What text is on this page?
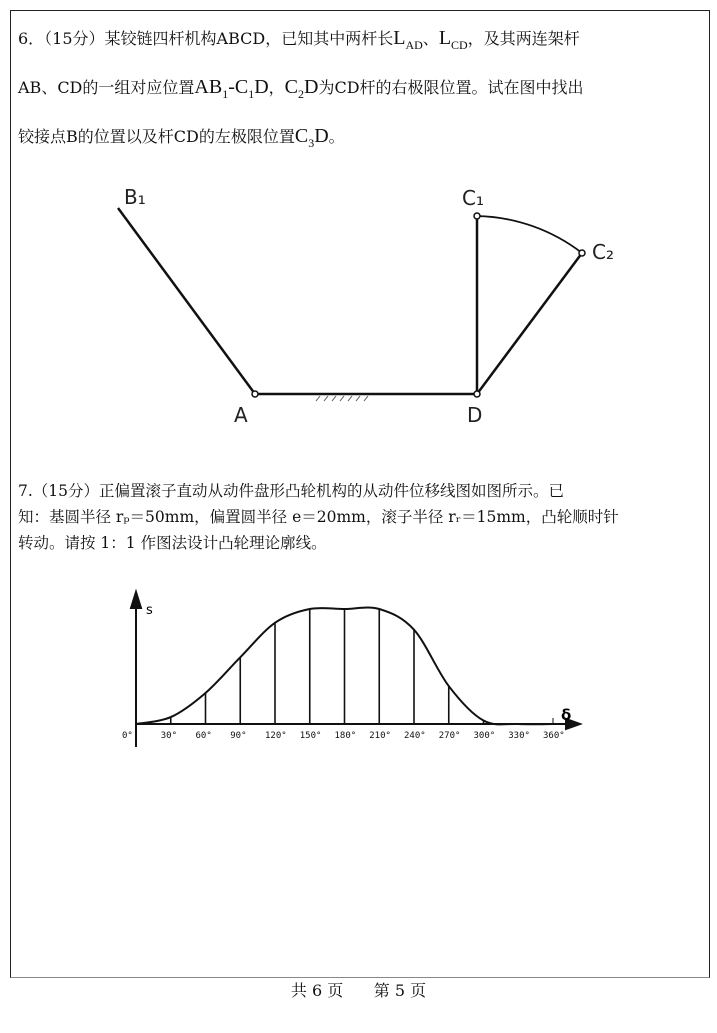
6．（15分）某铰链四杆机构ABCD，已知其中两杆长$L_{AD}$、$L_{CD}$，及其两连架杆
AB、CD的一组对应位置$AB_1-C_1D$，$C_2D$为CD杆的右极限位置。试在图中找出
铰接点B的位置以及杆CD的左极限位置$C_3D$。
B₁
A	D
C₁
C₂
7.（15分）正偏置滚子直动从动件盘形凸轮机构的从动件位移线图如图所示。已
知：基圆半径 rₚ＝50mm，偏置圆半径 e＝20mm，滚子半径 rᵣ＝15mm，凸轮顺时针
转动。请按 1：1 作图法设计凸轮理论廓线。
s
δ
0°	30° 60° 90° 120° 150° 180° 210° 240° 270° 300° 330° 360°
共 6 页      第 5 页
